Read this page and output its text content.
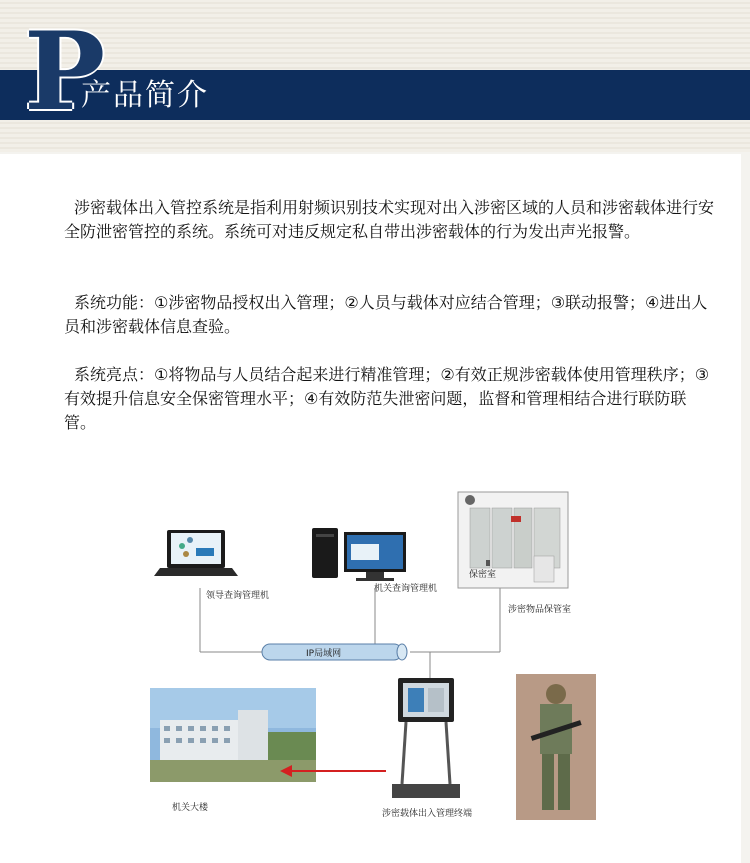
P
产品简介

涉密载体出入管控系统是指利用射频识别技术实现对出入涉密区域的人员和涉密载体进行安全防泄密管控的系统。系统可对违反规定私自带出涉密载体的行为发出声光报警。

系统功能：①涉密物品授权出入管理；②人员与载体对应结合管理；③联动报警；④进出人员和涉密载体信息查验。

系统亮点：①将物品与人员结合起来进行精准管理；②有效正规涉密载体使用管理秩序；③有效提升信息安全保密管理水平；④有效防范失泄密问题，监督和管理相结合进行联防联管。

领导查询管理机
机关查询管理机
保密室
涉密物品保管室
IP局域网
机关大楼
涉密载体出入管理终端
